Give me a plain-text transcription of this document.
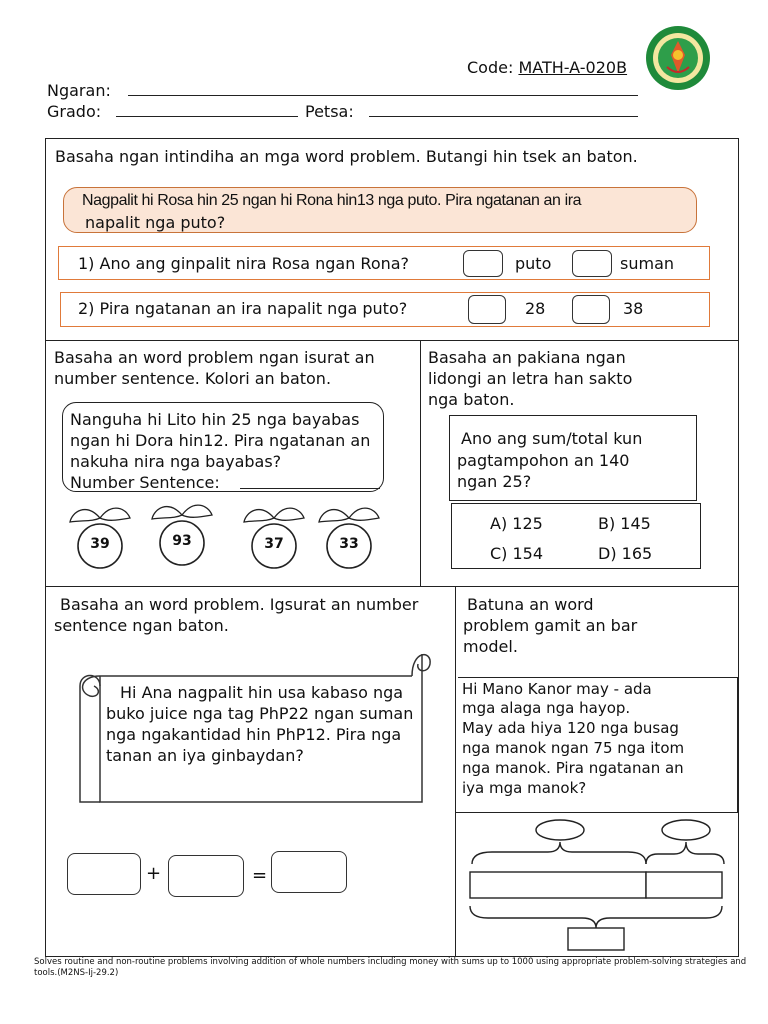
Code: MATH-A-020B
Ngaran:
Grado:	Petsa:
Basaha ngan intindiha an mga word problem. Butangi hin tsek an baton.
Nagpalit hi Rosa hin 25 ngan hi Rona hin13 nga puto. Pira ngatanan an ira
napalit nga puto?
1) Ano ang ginpalit nira Rosa ngan Rona?	puto	suman
2) Pira ngatanan an ira napalit nga puto?	28	38
Basaha an word problem ngan isurat an
number sentence. Kolori an baton.
Nanguha hi Lito hin 25 nga bayabas
ngan hi Dora hin12. Pira ngatanan an
nakuha nira nga bayabas?
Number Sentence:
39	93	37	33
Basaha an pakiana ngan
lidongi an letra han sakto
nga baton.
Ano ang sum/total kun
pagtampohon an 140
ngan 25?
A) 125	B) 145
C) 154	D) 165
Basaha an word problem. Igsurat an number
sentence ngan baton.
Hi Ana nagpalit hin usa kabaso nga
buko juice nga tag PhP22 ngan suman
nga ngakantidad hin PhP12. Pira nga
tanan an iya ginbaydan?
+	=
Batuna an word
problem gamit an bar
model.
Hi Mano Kanor may - ada
mga alaga nga hayop.
May ada hiya 120 nga busag
nga manok ngan 75 nga itom
nga manok. Pira ngatanan an
iya mga manok?
Solves routine and non-routine problems involving addition of whole numbers including money with sums up to 1000 using appropriate problem-solving strategies and tools.(M2NS-Ij-29.2)
